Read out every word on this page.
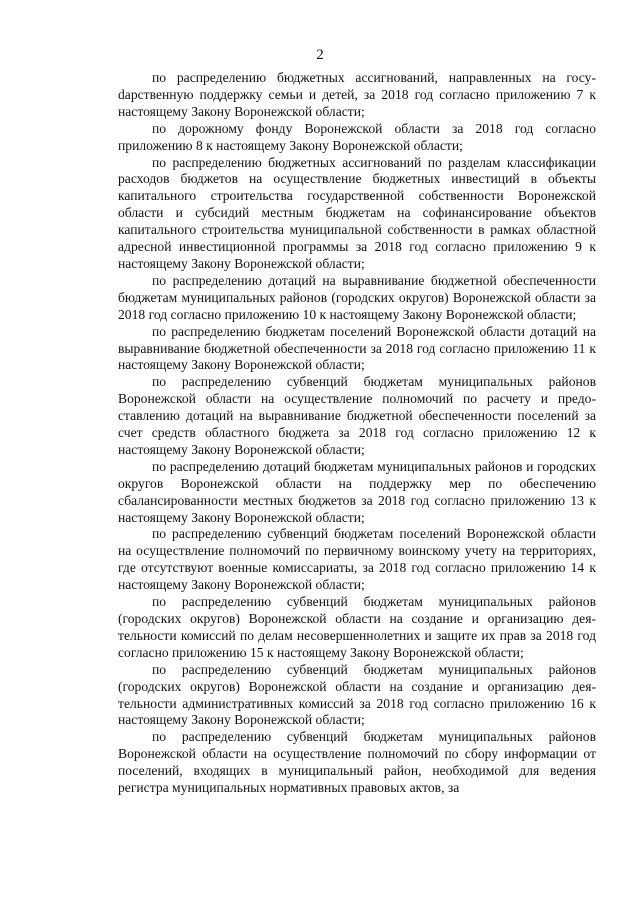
2

по распределению бюджетных ассигнований, направленных на госуdарственную поддержку семьи и детей, за 2018 год согласно приложению 7 к настоящему Закону Воронежской области;

по дорожному фонду Воронежской области за 2018 год согласно приложению 8 к настоящему Закону Воронежской области;

по распределению бюджетных ассигнований по разделам классификации расходов бюджетов на осуществление бюджетных инвестиций в объекты капитального строительства государственной собственности Воронежской области и субсидий местным бюджетам на софинансирование объектов капитального строительства муниципальной собственности в рамках областной адресной инвестиционной программы за 2018 год согласно приложению 9 к настоящему Закону Воронежской области;

по распределению дотаций на выравнивание бюджетной обеспеченности бюджетам муниципальных районов (городских округов) Воронежской области за 2018 год согласно приложению 10 к настоящему Закону Воронежской области;

по распределению бюджетам поселений Воронежской области дотаций на выравнивание бюджетной обеспеченности за 2018 год согласно приложению 11 к настоящему Закону Воронежской области;

по распределению субвенций бюджетам муниципальных районов Воронежской области на осуществление полномочий по расчету и предоставлению дотаций на выравнивание бюджетной обеспеченности поселений за счет средств областного бюджета за 2018 год согласно приложению 12 к настоящему Закону Воронежской области;

по распределению дотаций бюджетам муниципальных районов и городских округов Воронежской области на поддержку мер по обеспечению сбалансированности местных бюджетов за 2018 год согласно приложению 13 к настоящему Закону Воронежской области;

по распределению субвенций бюджетам поселений Воронежской области на осуществление полномочий по первичному воинскому учету на территориях, где отсутствуют военные комиссариаты, за 2018 год согласно приложению 14 к настоящему Закону Воронежской области;

по распределению субвенций бюджетам муниципальных районов (городских округов) Воронежской области на создание и организацию деятельности комиссий по делам несовершеннолетних и защите их прав за 2018 год согласно приложению 15 к настоящему Закону Воронежской области;

по распределению субвенций бюджетам муниципальных районов (городских округов) Воронежской области на создание и организацию деятельности административных комиссий за 2018 год согласно приложению 16 к настоящему Закону Воронежской области;

по распределению субвенций бюджетам муниципальных районов Воронежской области на осуществление полномочий по сбору информации от поселений, входящих в муниципальный район, необходимой для ведения регистра муниципальных нормативных правовых актов, за
